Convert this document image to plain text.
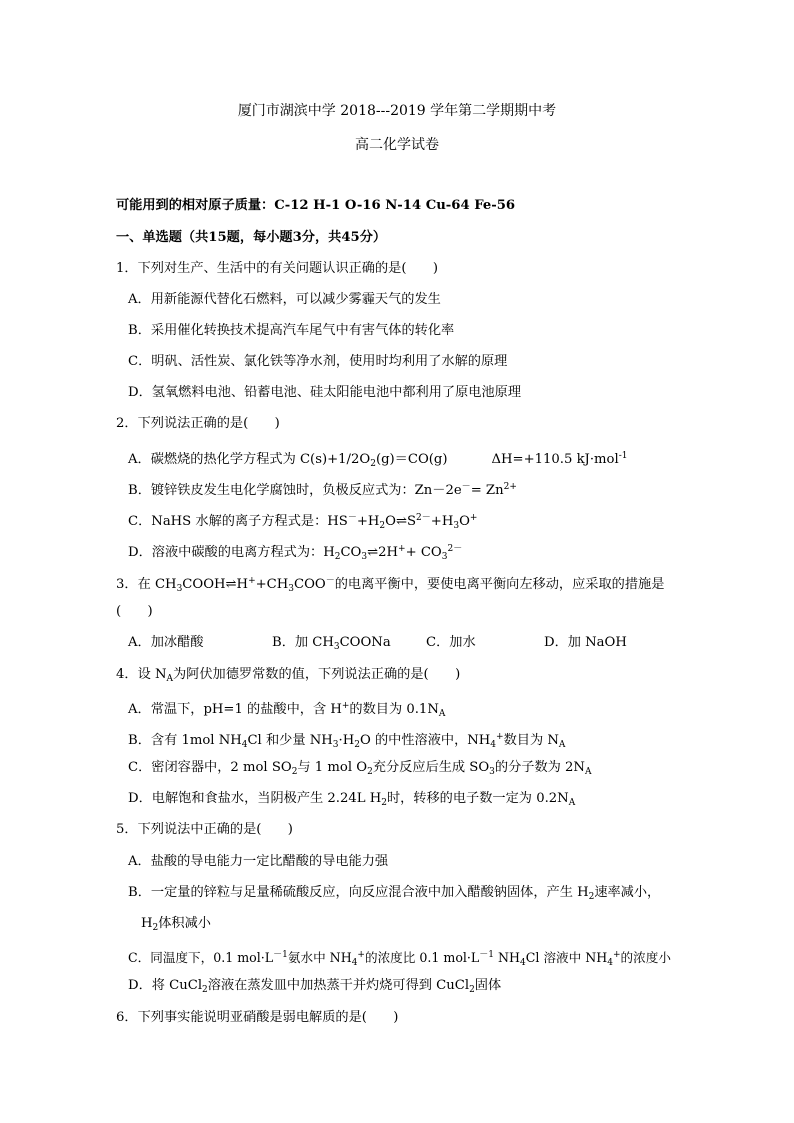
厦门市湖滨中学 2018---2019 学年第二学期期中考
高二化学试卷
可能用到的相对原子质量：C-12 H-1 O-16 N-14 Cu-64 Fe-56
一、单选题（共15题，每小题3分，共45分）
1．下列对生产、生活中的有关问题认识正确的是(　　)
A．用新能源代替化石燃料，可以减少雾霾天气的发生
B．采用催化转换技术提高汽车尾气中有害气体的转化率
C．明矾、活性炭、氯化铁等净水剂，使用时均利用了水解的原理
D．氢氧燃料电池、铅蓄电池、硅太阳能电池中都利用了原电池原理
2．下列说法正确的是(　　)
A．碳燃烧的热化学方程式为 $C(s)+1/2O_2(g)=CO(g)$	ΔH=+110.5 kJ·mol$^{-1}$
B．镀锌铁皮发生电化学腐蚀时，负极反应式为：$Zn-2e^-= Zn^{2+}$
C．NaHS 水解的离子方程式是：$HS^-+H_2O\rightleftharpoons S^{2-}+H_3O^+$
D．溶液中碳酸的电离方程式为：$H_2CO_3\rightleftharpoons 2H^++ CO_3^{2-}$
3．在 $CH_3COOH\rightleftharpoons H^++CH_3COO^-$的电离平衡中，要使电离平衡向左移动，应采取的措施是
(　　)
A．加冰醋酸	B．加 $CH_3COONa$	C．加水	D．加 NaOH
4．设 $N_A$为阿伏加德罗常数的值，下列说法正确的是(　　)
A．常温下，pH=1 的盐酸中，含 H+的数目为 $0.1N_A$
B．含有 1mol $NH_4Cl$ 和少量 $NH_3\cdot H_2O$ 的中性溶液中，$NH_4^+$数目为 $N_A$
C．密闭容器中，2 mol $SO_2$与 1 mol $O_2$充分反应后生成 $SO_3$的分子数为 $2N_A$
D．电解饱和食盐水，当阴极产生 2.24L $H_2$时，转移的电子数一定为 $0.2N_A$
5．下列说法中正确的是(　　)
A．盐酸的导电能力一定比醋酸的导电能力强
B．一定量的锌粒与足量稀硫酸反应，向反应混合液中加入醋酸钠固体，产生 $H_2$速率减小，
$H_2$体积减小
C．同温度下，0.1 $mol\cdot L^{-1}$氨水中 $NH_4^+$的浓度比 0.1 $mol\cdot L^{-1}$ $NH_4Cl$ 溶液中 $NH_4^+$的浓度小
D．将 CuCl$_2$溶液在蒸发皿中加热蒸干并灼烧可得到 CuCl$_2$固体
6．下列事实能说明亚硝酸是弱电解质的是(　　)
